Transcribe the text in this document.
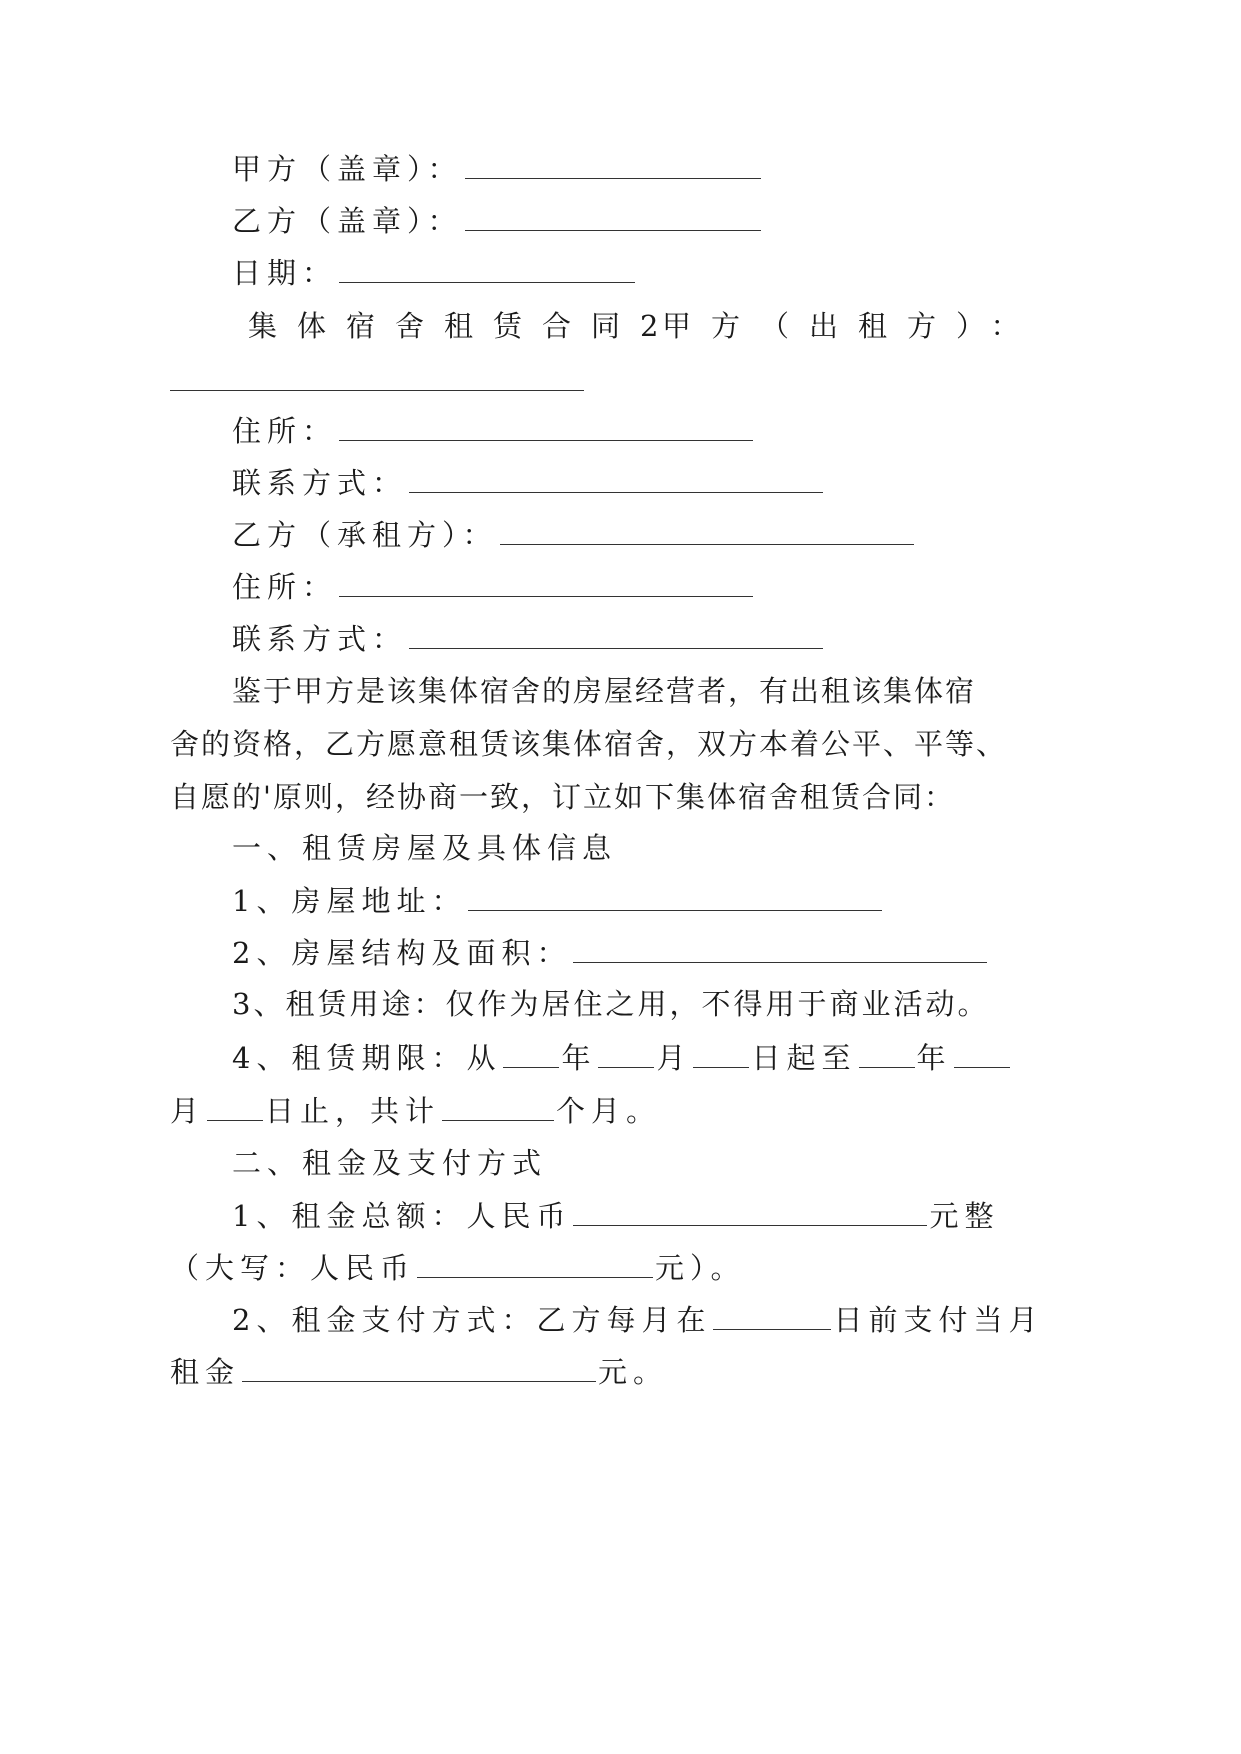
甲方（盖章）：
乙方（盖章）：
日期：
集体宿舍租赁合同2
甲方（出租方）：
住所：
联系方式：
乙方（承租方）：
住所：
联系方式：
鉴于甲方是该集体宿舍的房屋经营者，有出租该集体宿
舍的资格，乙方愿意租赁该集体宿舍，双方本着公平、平等、
自愿的'原则，经协商一致，订立如下集体宿舍租赁合同：
一、租赁房屋及具体信息
1、房屋地址：
2、房屋结构及面积：
3、租赁用途：仅作为居住之用，不得用于商业活动。
4、租赁期限：从 年 月 日起至 年
月 日止，共计	个月。
二、租金及支付方式
1、租金总额：人民币	元整
（大写：人民币	元）。
2、租金支付方式：乙方每月在	日前支付当月
租金	元。
